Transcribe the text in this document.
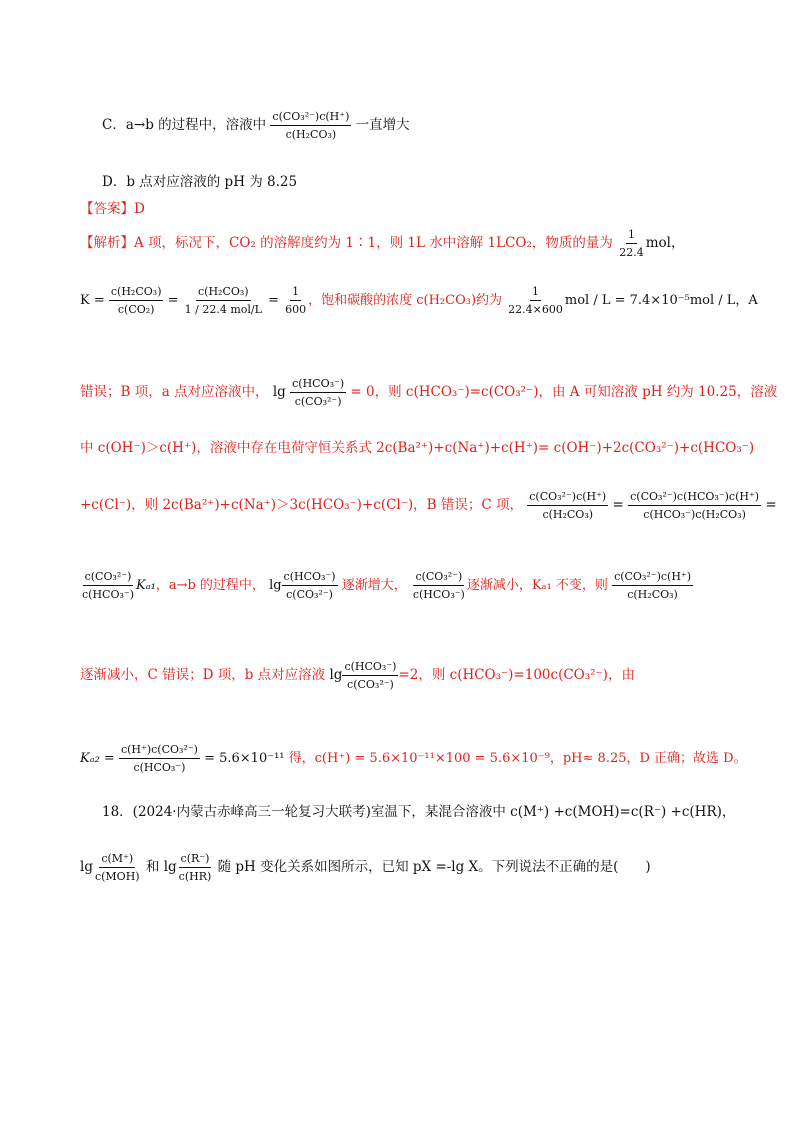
C．a→b 的过程中，溶液中 $\frac{\text{c(CO₃²⁻)c(H⁺)}}{\text{c(H₂CO₃)}}$ 一直增大
D．b 点对应溶液的 pH 为 8.25
【答案】D
【解析】A 项，标况下，CO₂ 的溶解度约为 1∶1，则 1L 水中溶解 1LCO₂，物质的量为 $\frac{1}{22.4}$ mol，
$K = \frac{\text{c(H₂CO₃)}}{\text{c(CO₂)}} = \frac{\text{c(H₂CO₃)}}{\text{1 / 22.4 mol/L}} = \frac{1}{600}$ ，饱和碳酸的浓度 c(H₂CO₃)约为 $\frac{1}{22.4\times 600}$ mol / L = 7.4×10⁻⁵mol / L，A
错误；B 项，a 点对应溶液中， $\lg \frac{\text{c(HCO₃⁻)}}{\text{c(CO₃²⁻)}} = 0$，则 c(HCO₃⁻)=c(CO₃²⁻)，由 A 可知溶液 pH 约为 10.25，溶液
中 c(OH⁻)＞c(H⁺)，溶液中存在电荷守恒关系式 2c(Ba²⁺)+c(Na⁺)+c(H⁺)= c(OH⁻)+2c(CO₃²⁻)+c(HCO₃⁻)
+c(Cl⁻)，则 2c(Ba²⁺)+c(Na⁺)＞3c(HCO₃⁻)+c(Cl⁻)，B 错误；C 项， $\frac{\text{c(CO₃²⁻)c(H⁺)}}{\text{c(H₂CO₃)}} = \frac{\text{c(CO₃²⁻)c(HCO₃⁻)c(H⁺)}}{\text{c(HCO₃⁻)c(H₂CO₃)}}$ =
$\frac{\text{c(CO₃²⁻)}}{\text{c(HCO₃⁻)}} K_{a1}$，a→b 的过程中， $\lg \frac{\text{c(HCO₃⁻)}}{\text{c(CO₃²⁻)}}$ 逐渐增大， $\frac{\text{c(CO₃²⁻)}}{\text{c(HCO₃⁻)}}$ 逐渐减小，Kₐ₁ 不变，则 $\frac{\text{c(CO₃²⁻)c(H⁺)}}{\text{c(H₂CO₃)}}$
逐渐减小，C 错误；D 项，b 点对应溶液 $\lg \frac{\text{c(HCO₃⁻)}}{\text{c(CO₃²⁻)}} =2$，则 c(HCO₃⁻)=100c(CO₃²⁻)，由
$K_{a2} = \frac{\text{c(H⁺)c(CO₃²⁻)}}{\text{c(HCO₃⁻)}} = 5.6\times 10^{-11}$ 得，c(H⁺) = 5.6×10⁻¹¹×100 = 5.6×10⁻⁹，pH≈ 8.25，D 正确；故选 D。
18．(2024·内蒙古赤峰高三一轮复习大联考)室温下，某混合溶液中 c(M⁺) +c(MOH)=c(R⁻) +c(HR)，
$\lg \frac{c(M^+)}{\text{c(MOH)}}$ 和 $\lg \frac{c(R^-)}{c(HR)}$ 随 pH 变化关系如图所示，已知 pX =-lg X。下列说法不正确的是(　　)
